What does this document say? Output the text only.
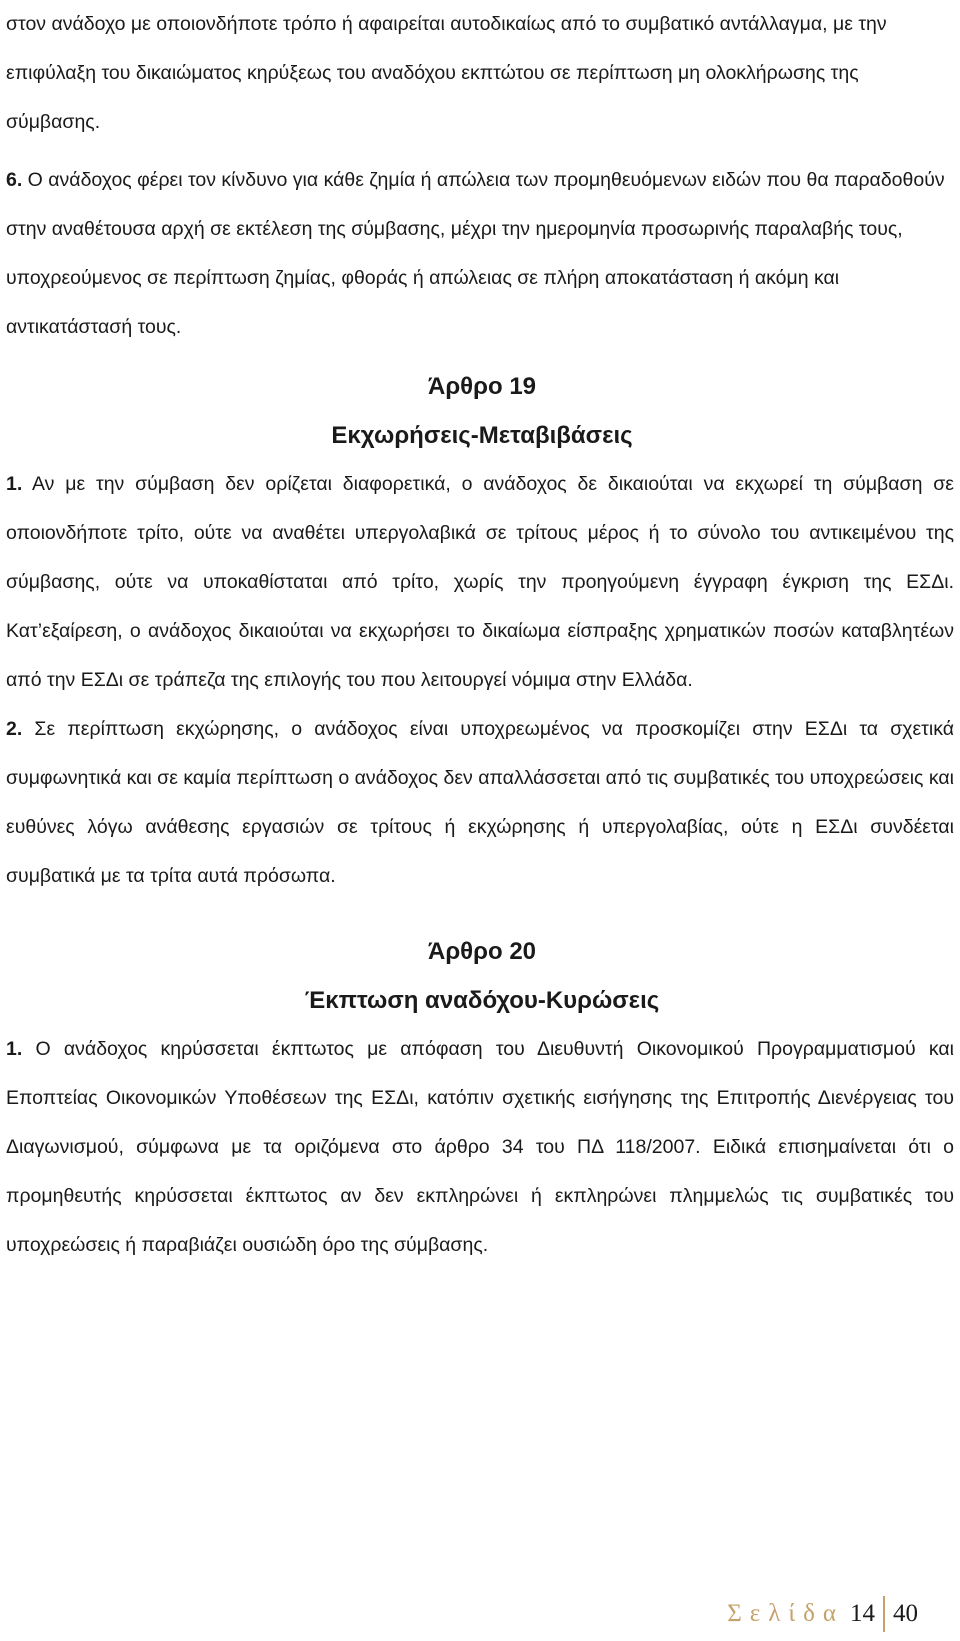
στον ανάδοχο με οποιονδήποτε τρόπο ή αφαιρείται αυτοδικαίως από το συμβατικό αντάλλαγμα, με την επιφύλαξη του δικαιώματος κηρύξεως του αναδόχου εκπτώτου σε περίπτωση μη ολοκλήρωσης της σύμβασης.

6. Ο ανάδοχος φέρει τον κίνδυνο για κάθε ζημία ή απώλεια των προμηθευόμενων ειδών που θα παραδοθούν στην αναθέτουσα αρχή σε εκτέλεση της σύμβασης, μέχρι την ημερομηνία προσωρινής παραλαβής τους, υποχρεούμενος σε περίπτωση ζημίας, φθοράς ή απώλειας σε πλήρη αποκατάσταση ή ακόμη και αντικατάστασή τους.

Άρθρο 19

Εκχωρήσεις-Μεταβιβάσεις

1. Αν με την σύμβαση δεν ορίζεται διαφορετικά, ο ανάδοχος δε δικαιούται να εκχωρεί τη σύμβαση σε οποιονδήποτε τρίτο, ούτε να αναθέτει υπεργολαβικά σε τρίτους μέρος ή το σύνολο του αντικειμένου της σύμβασης, ούτε να υποκαθίσταται από τρίτο, χωρίς την προηγούμενη έγγραφη έγκριση της ΕΣΔι. Κατ’εξαίρεση, ο ανάδοχος δικαιούται να εκχωρήσει το δικαίωμα είσπραξης χρηματικών ποσών καταβλητέων από την ΕΣΔι σε τράπεζα της επιλογής του που λειτουργεί νόμιμα στην Ελλάδα.

2. Σε περίπτωση εκχώρησης, ο ανάδοχος είναι υποχρεωμένος να προσκομίζει στην ΕΣΔι τα σχετικά συμφωνητικά και σε καμία περίπτωση ο ανάδοχος δεν απαλλάσσεται από τις συμβατικές του υποχρεώσεις και ευθύνες λόγω ανάθεσης εργασιών σε τρίτους ή εκχώρησης ή υπεργολαβίας, ούτε η ΕΣΔι συνδέεται συμβατικά με τα τρίτα αυτά πρόσωπα.

Άρθρο 20

Έκπτωση αναδόχου-Κυρώσεις

1. Ο ανάδοχος κηρύσσεται έκπτωτος με απόφαση του Διευθυντή Οικονομικού Προγραμματισμού και Εποπτείας Οικονομικών Υποθέσεων της ΕΣΔι, κατόπιν σχετικής εισήγησης της Επιτροπής Διενέργειας του Διαγωνισμού, σύμφωνα με τα οριζόμενα στο άρθρο 34 του ΠΔ 118/2007. Ειδικά επισημαίνεται ότι ο προμηθευτής κηρύσσεται έκπτωτος αν δεν εκπληρώνει ή εκπληρώνει πλημμελώς τις συμβατικές του υποχρεώσεις ή παραβιάζει ουσιώδη όρο της σύμβασης.

Σελίδα 14 40
